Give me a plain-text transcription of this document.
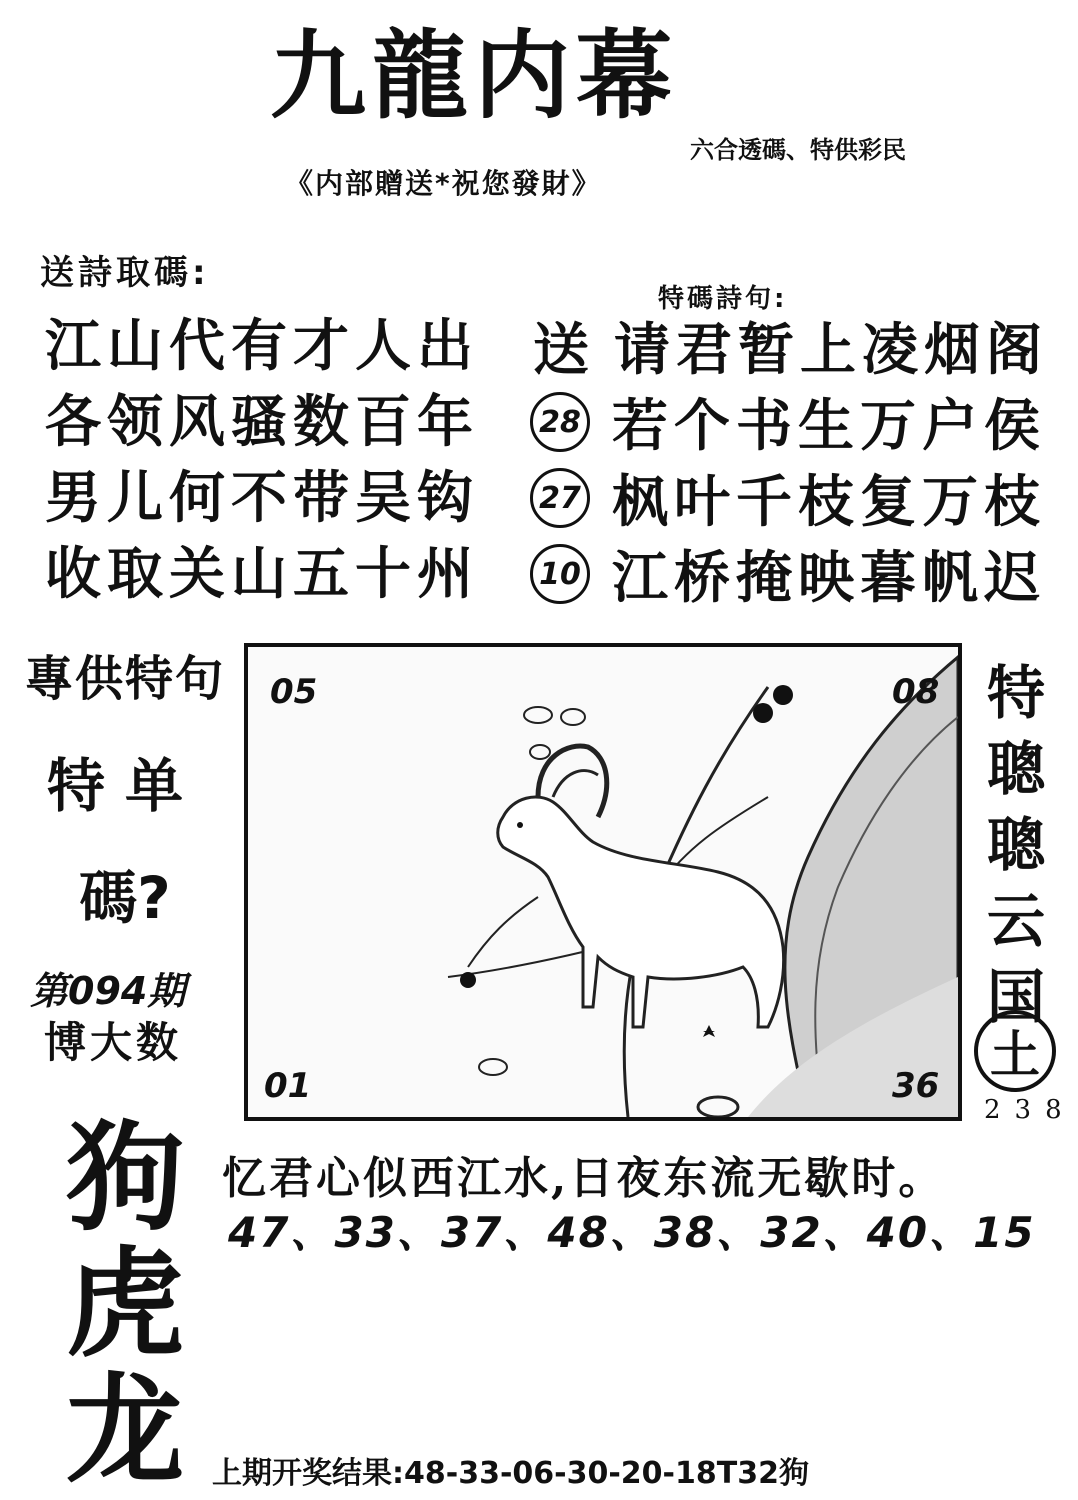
九龍内幕
六合透碼、特供彩民
《内部贈送*祝您發財》
送詩取碼:
江山代有才人出
各领风骚数百年
男儿何不带吴钩
收取关山五十州
特碼詩句:
送 请君暂上凌烟阁
28 若个书生万户侯
27 枫叶千枝复万枝
10 江桥掩映暮帆迟
專供特句
特单
碼?
第094期
博大数
狗
虎
龙
05	08
01	36
特
聰
聰
云
国
土
238
忆君心似西江水,日夜东流无歇时。
47、33、37、48、38、32、40、15
上期开奖结果:48-33-06-30-20-18T32狗
